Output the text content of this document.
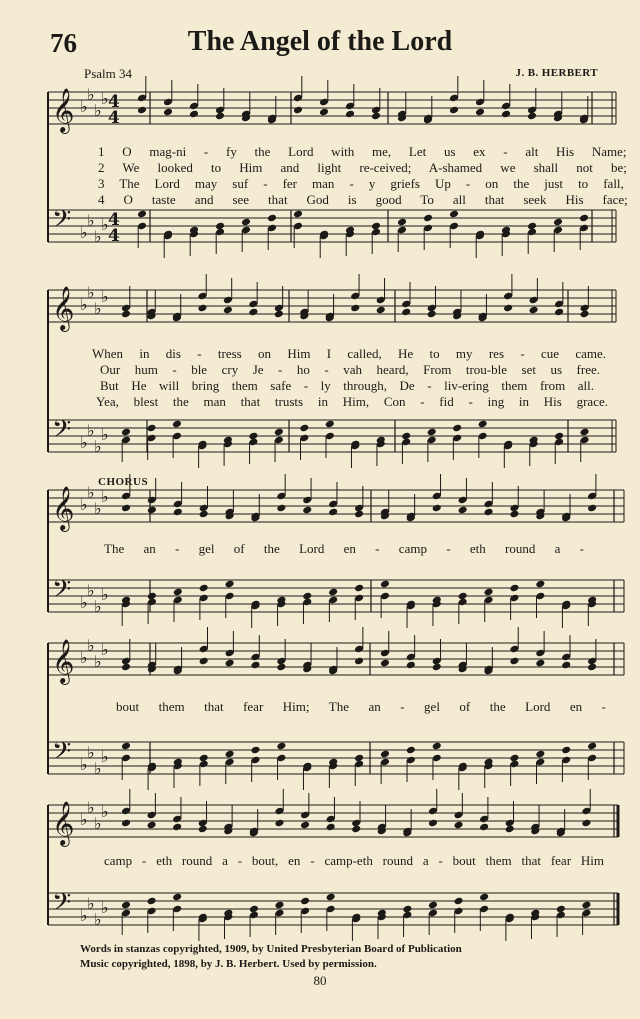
76	The Angel of the Lord
Psalm 34	J. B. HERBERT
𝄞 ♭
♭
♭
♭ 4
4
𝄢 ♭
♭
♭
♭ 4
4
𝄞 ♭
♭
♭
♭
𝄢 ♭
♭
♭
♭
𝄞 ♭
♭
♭
♭
𝄢 ♭
♭
♭
♭
𝄞 ♭
♭
♭
♭
𝄢 ♭
♭
♭
♭
𝄞 ♭
♭
♭
♭
𝄢 ♭
♭
♭
♭
1 O mag-ni - fy the Lord with me, Let us ex - alt His Name;
2 We looked to Him and light re-ceived; A-shamed we shall not be;
3 The Lord may suf - fer man - y griefs Up - on the just to fall,
4 O taste and see that God is good To all that seek His face;
When in dis - tress on Him I called, He to my res - cue came.
Our hum - ble cry Je - ho - vah heard, From trou-ble set us free.
But He will bring them safe - ly through, De - liv-ering them from all.
Yea, blest the man that trusts in Him, Con - fid - ing in His grace.
The an - gel of the Lord en - camp - eth round a -
bout them that fear Him; The an - gel of the Lord en -
camp - eth round a - bout, en - camp-eth round a - bout them that fear Him
CHORUS
Words in stanzas copyrighted, 1909, by United Presbyterian Board of Publication
Music copyrighted, 1898, by J. B. Herbert. Used by permission.
80
